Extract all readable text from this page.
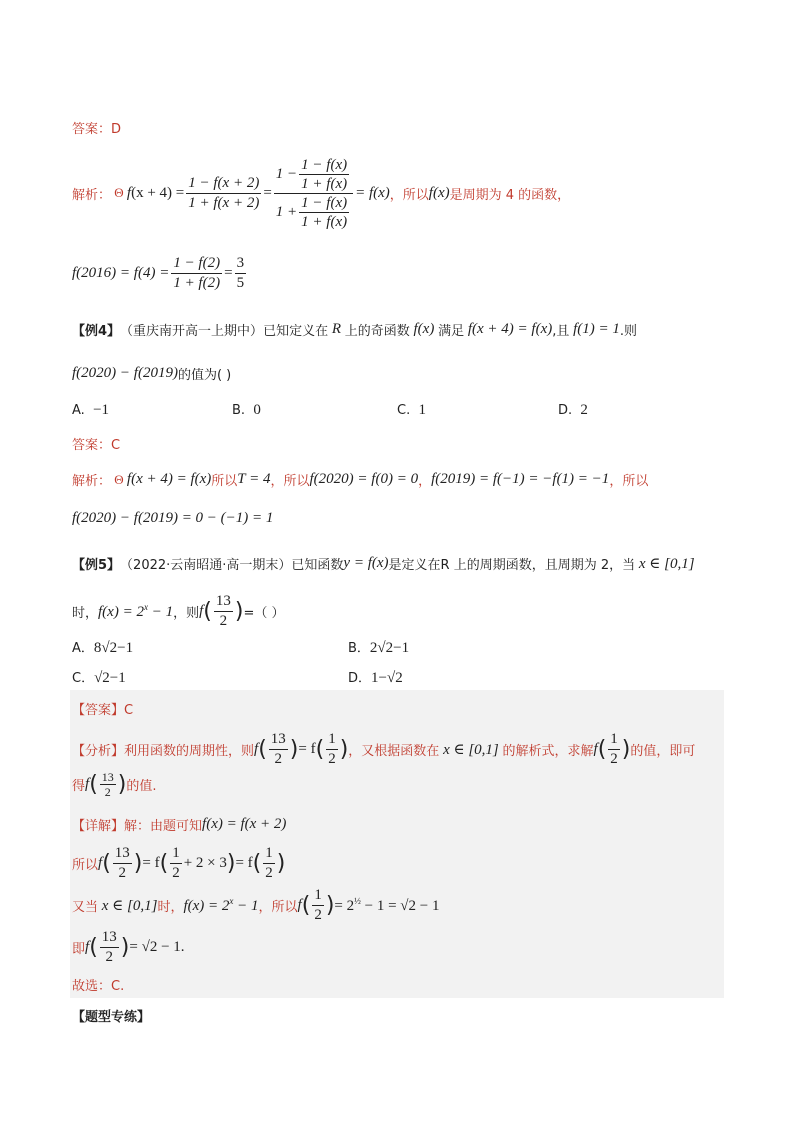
答案：D
解析： Θ f $(x + 4) = \frac{1 - f(x + 2)}{1 + f(x + 2)} = \frac{1 - \frac{1 - f(x)}{1 + f(x)}}{1 + \frac{1 - f(x)}{1 + f(x)}} = f(x)$ ，所以 f(x) 是周期为 4 的函数，
$f(2016) = f(4) = \frac{1 - f(2)}{1 + f(2)} = \frac{3}{5}$
【例4】 （重庆南开高一上期中） 已知定义在 R 上的奇函数 f(x) 满足 f(x + 4) = f(x) ,且 f(1) = 1 .则
f(2020) − f(2019) 的值为( )
A. −1	B. 0	C. 1	D. 2
答案：C
解析： Θ f(x + 4) = f(x) 所以 T = 4 ，所以 f(2020) = f(0) = 0 ， f(2019) = f(−1) = −f(1) = −1 ，所以
f(2020) − f(2019) = 0 − (−1) = 1
【例5】 （2022·云南昭通·高一期末） 已知函数 y = f(x) 是定义在R 上的周期函数，且周期为 2，当 x ∈ [0,1]
时， $f(x) = 2^x - 1$ ，则 f ( $\frac{13}{2}$ ) =（ ）
A．8√2−1	B．2√2−1
C．√2−1	D．1−√2
【答案】C
【分析】 利用函数的周期性，则 f ( $\frac{13}{2}$ ) = f ( $\frac{1}{2}$ ) ，又根据函数在 x ∈ [0,1] 的解析式，求解 f ( $\frac{1}{2}$ ) 的值，即可
得 f ( $\frac{13}{2}$ ) 的值.
【详解】 解：由题可知 f(x) = f(x + 2)
所以 f ( $\frac{13}{2}$ ) = f ( $\frac{1}{2} + 2 \times 3$ ) = f ( $\frac{1}{2}$ )
又当 x ∈ [0,1] 时， $f(x) = 2^x - 1$ ，所以 f ( $\frac{1}{2}$ ) = $2^{\frac{1}{2}} - 1 = √2 - 1$
即 f ( $\frac{13}{2}$ ) = √2 − 1.
故选：C.
【题型专练】
